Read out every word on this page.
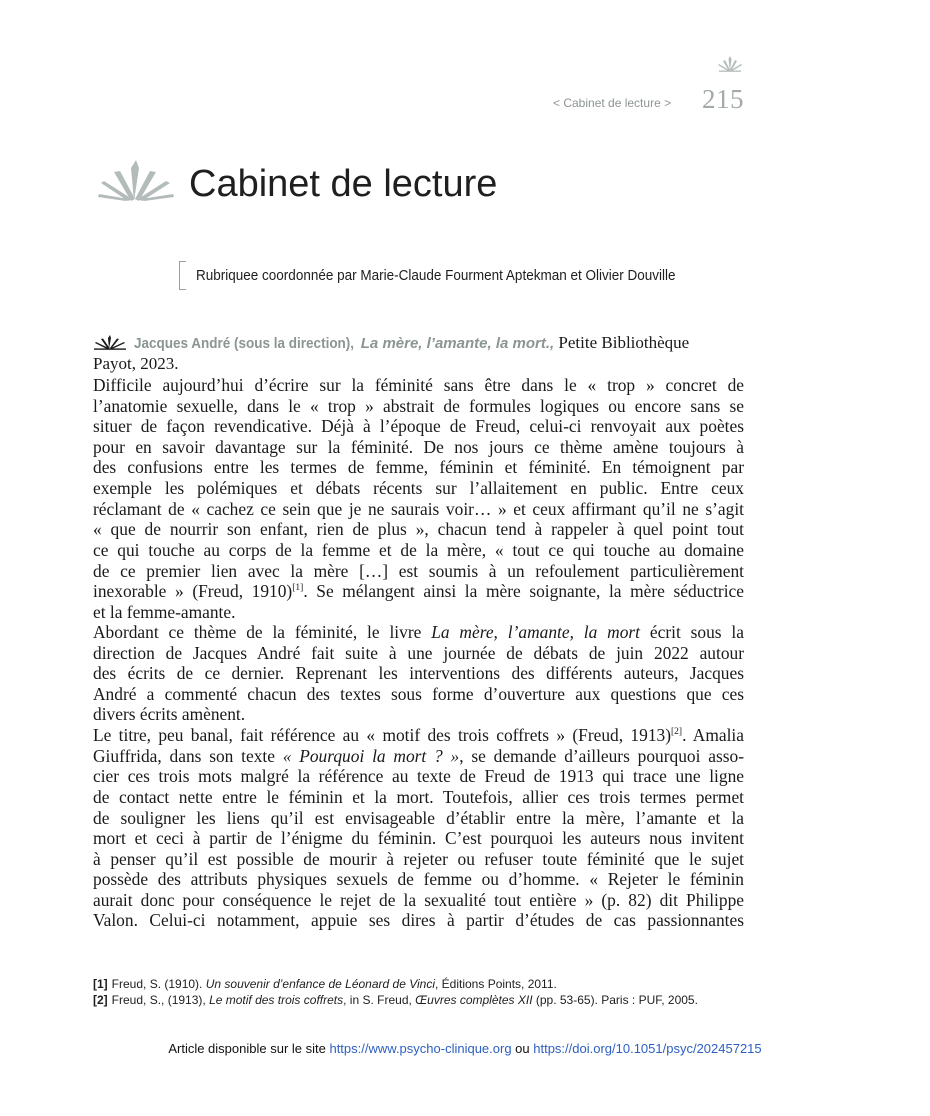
< Cabinet de lecture > 215
Cabinet de lecture
Rubriquee coordonnée par Marie-Claude Fourment Aptekman et Olivier Douville
Jacques André (sous la direction), La mère, l’amante, la mort., Petite Bibliothèque
Payot, 2023.
Difficile aujourd’hui d’écrire sur la féminité sans être dans le « trop » concret de
l’anatomie sexuelle, dans le « trop » abstrait de formules logiques ou encore sans se
situer de façon revendicative. Déjà à l’époque de Freud, celui-ci renvoyait aux poètes
pour en savoir davantage sur la féminité. De nos jours ce thème amène toujours à
des confusions entre les termes de femme, féminin et féminité. En témoignent par
exemple les polémiques et débats récents sur l’allaitement en public. Entre ceux
réclamant de « cachez ce sein que je ne saurais voir… » et ceux affirmant qu’il ne s’agit
« que de nourrir son enfant, rien de plus », chacun tend à rappeler à quel point tout
ce qui touche au corps de la femme et de la mère, « tout ce qui touche au domaine
de ce premier lien avec la mère […] est soumis à un refoulement particulièrement
inexorable » (Freud, 1910)[1]. Se mélangent ainsi la mère soignante, la mère séductrice
et la femme-amante.
Abordant ce thème de la féminité, le livre La mère, l’amante, la mort écrit sous la
direction de Jacques André fait suite à une journée de débats de juin 2022 autour
des écrits de ce dernier. Reprenant les interventions des différents auteurs, Jacques
André a commenté chacun des textes sous forme d’ouverture aux questions que ces
divers écrits amènent.
Le titre, peu banal, fait référence au « motif des trois coffrets » (Freud, 1913)[2]. Amalia
Giuffrida, dans son texte « Pourquoi la mort ? », se demande d’ailleurs pourquoi asso-
cier ces trois mots malgré la référence au texte de Freud de 1913 qui trace une ligne
de contact nette entre le féminin et la mort. Toutefois, allier ces trois termes permet
de souligner les liens qu’il est envisageable d’établir entre la mère, l’amante et la
mort et ceci à partir de l’énigme du féminin. C’est pourquoi les auteurs nous invitent
à penser qu’il est possible de mourir à rejeter ou refuser toute féminité que le sujet
possède des attributs physiques sexuels de femme ou d’homme. « Rejeter le féminin
aurait donc pour conséquence le rejet de la sexualité tout entière » (p. 82) dit Philippe
Valon. Celui-ci notamment, appuie ses dires à partir d’études de cas passionnantes
[1] Freud, S. (1910). Un souvenir d’enfance de Léonard de Vinci, Éditions Points, 2011.
[2] Freud, S., (1913), Le motif des trois coffrets, in S. Freud, Œuvres complètes XII (pp. 53-65). Paris : PUF, 2005.
Article disponible sur le site https://www.psycho-clinique.org ou https://doi.org/10.1051/psyc/202457215
